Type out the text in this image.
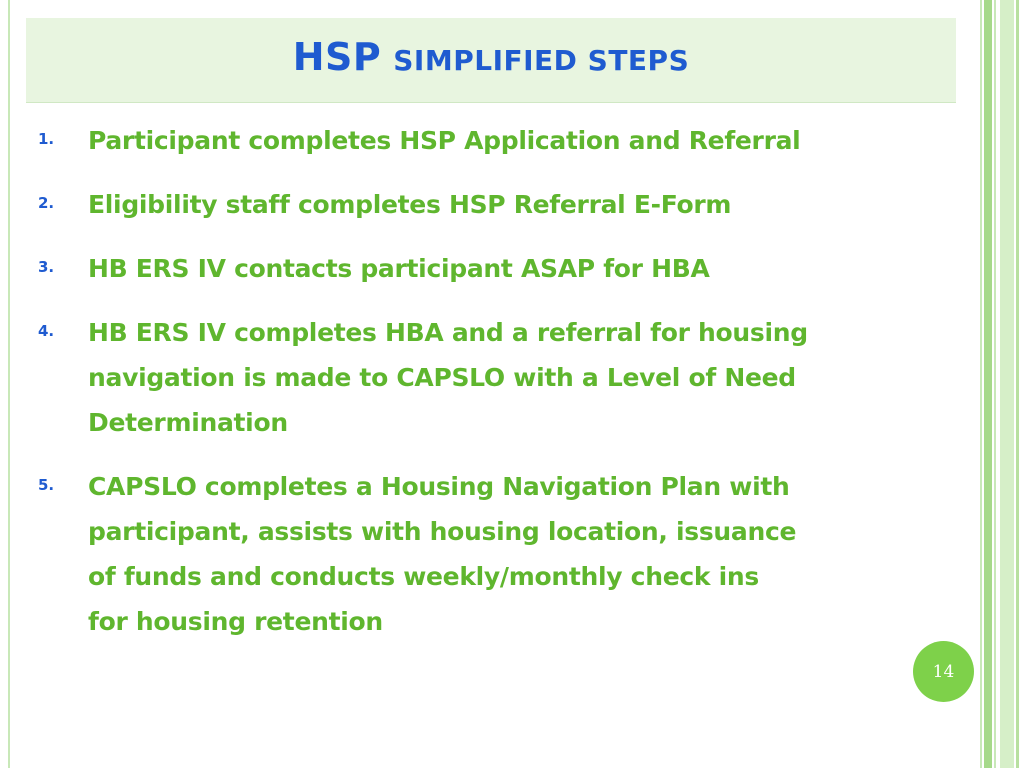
HSP SIMPLIFIED STEPS
1.	Participant completes HSP Application and Referral
2.	Eligibility staff completes HSP Referral E-Form
3.	HB ERS IV contacts participant ASAP for HBA
4.	HB ERS IV completes HBA and a referral for housing
navigation is made to CAPSLO with a Level of Need
Determination
5.	CAPSLO completes a Housing Navigation Plan with
participant, assists with housing location, issuance
of funds and conducts weekly/monthly check ins
for housing retention
14
